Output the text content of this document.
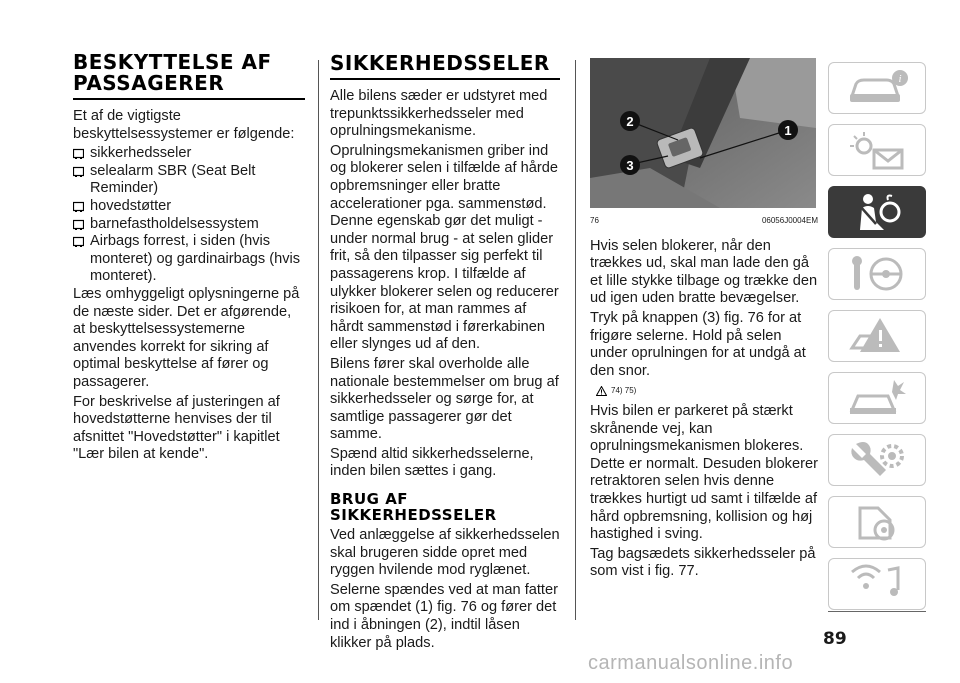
BESKYTTELSE AF PASSAGERER

Et af de vigtigste beskyttelsessystemer er følgende:

sikkerhedsseler
selealarm SBR (Seat Belt Reminder)
hovedstøtter
barnefastholdelsessystem
Airbags forrest, i siden (hvis monteret) og gardinairbags (hvis monteret).

Læs omhyggeligt oplysningerne på de næste sider. Det er afgørende, at beskyttelsessystemerne anvendes korrekt for sikring af optimal beskyttelse af fører og passagerer.

For beskrivelse af justeringen af hovedstøtterne henvises der til afsnittet "Hovedstøtter" i kapitlet "Lær bilen at kende".

SIKKERHEDSSELER

Alle bilens sæder er udstyret med trepunktssikkerhedsseler med oprulningsmekanisme.

Oprulningsmekanismen griber ind og blokerer selen i tilfælde af hårde opbremsninger eller bratte accelerationer pga. sammenstød. Denne egenskab gør det muligt - under normal brug - at selen glider frit, så den tilpasser sig perfekt til passagerens krop. I tilfælde af ulykker blokerer selen og reducerer risikoen for, at man rammes af hårdt sammenstød i førerkabinen eller slynges ud af den.

Bilens fører skal overholde alle nationale bestemmelser om brug af sikkerhedsseler og sørge for, at samtlige passagerer gør det samme.

Spænd altid sikkerhedsselerne, inden bilen sættes i gang.

BRUG AF SIKKERHEDSSELER

Ved anlæggelse af sikkerhedsselen skal brugeren sidde opret med ryggen hvilende mod ryglænet.

Selerne spændes ved at man fatter om spændet (1) fig. 76 og fører det ind i åbningen (2), indtil låsen klikker på plads.

1
2
3
76	06056J0004EM

Hvis selen blokerer, når den trækkes ud, skal man lade den gå et lille stykke tilbage og trække den ud igen uden bratte bevægelser.

Tryk på knappen (3) fig. 76 for at frigøre selerne. Hold på selen under oprulningen for at undgå at den snor.

74) 75)

Hvis bilen er parkeret på stærkt skrånende vej, kan oprulningsmekanismen blokeres. Dette er normalt. Desuden blokerer retraktoren selen hvis denne trækkes hurtigt ud samt i tilfælde af hård opbremsning, kollision og høj hastighed i sving.

Tag bagsædets sikkerhedsseler på som vist i fig. 77.

i
89
carmanualsonline.info
